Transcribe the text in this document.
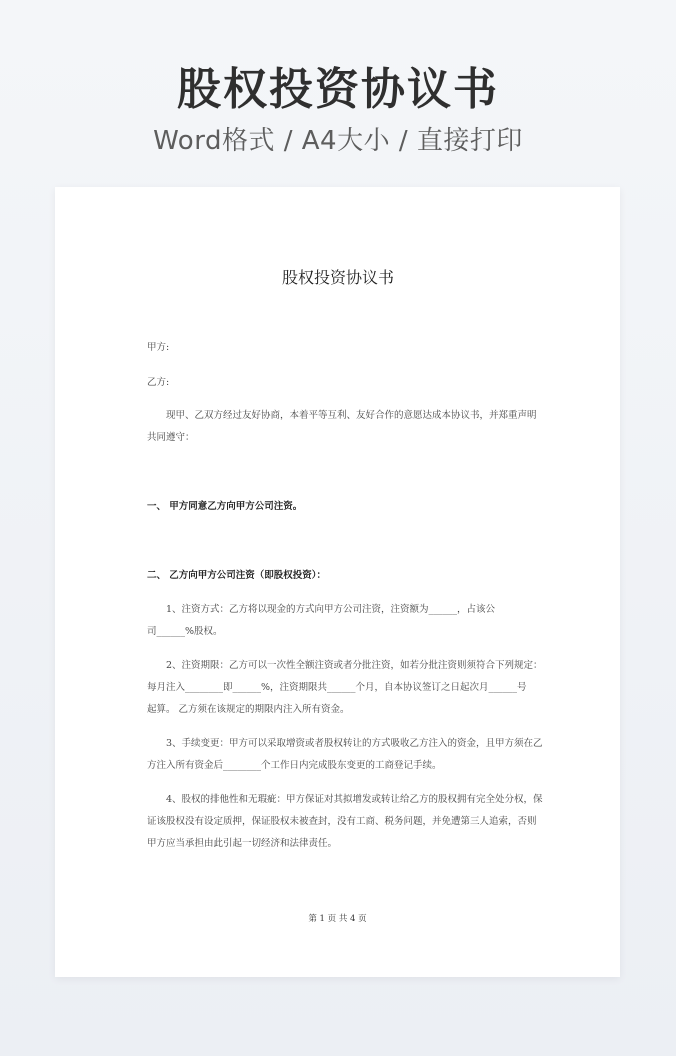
股权投资协议书
Word格式 / A4大小 / 直接打印
股权投资协议书
甲方:
乙方:
现甲、乙双方经过友好协商，本着平等互利、友好合作的意愿达成本协议书，并郑重声明
共同遵守：
一、 甲方同意乙方向甲方公司注资。
二、 乙方向甲方公司注资（即股权投资）：
1、注资方式：乙方将以现金的方式向甲方公司注资，注资额为______，占该公
司______%股权。
2、注资期限：乙方可以一次性全额注资或者分批注资，如若分批注资则须符合下列规定：
每月注入________即______%，注资期限共______个月，自本协议签订之日起次月______号
起算。 乙方须在该规定的期限内注入所有资金。
3、手续变更：甲方可以采取增资或者股权转让的方式吸收乙方注入的资金，且甲方须在乙
方注入所有资金后________个工作日内完成股东变更的工商登记手续。
4、股权的排他性和无瑕疵：甲方保证对其拟增发或转让给乙方的股权拥有完全处分权，保
证该股权没有设定质押，保证股权未被查封，没有工商、税务问题，并免遭第三人追索，否则
甲方应当承担由此引起一切经济和法律责任。
第 1 页 共 4 页
